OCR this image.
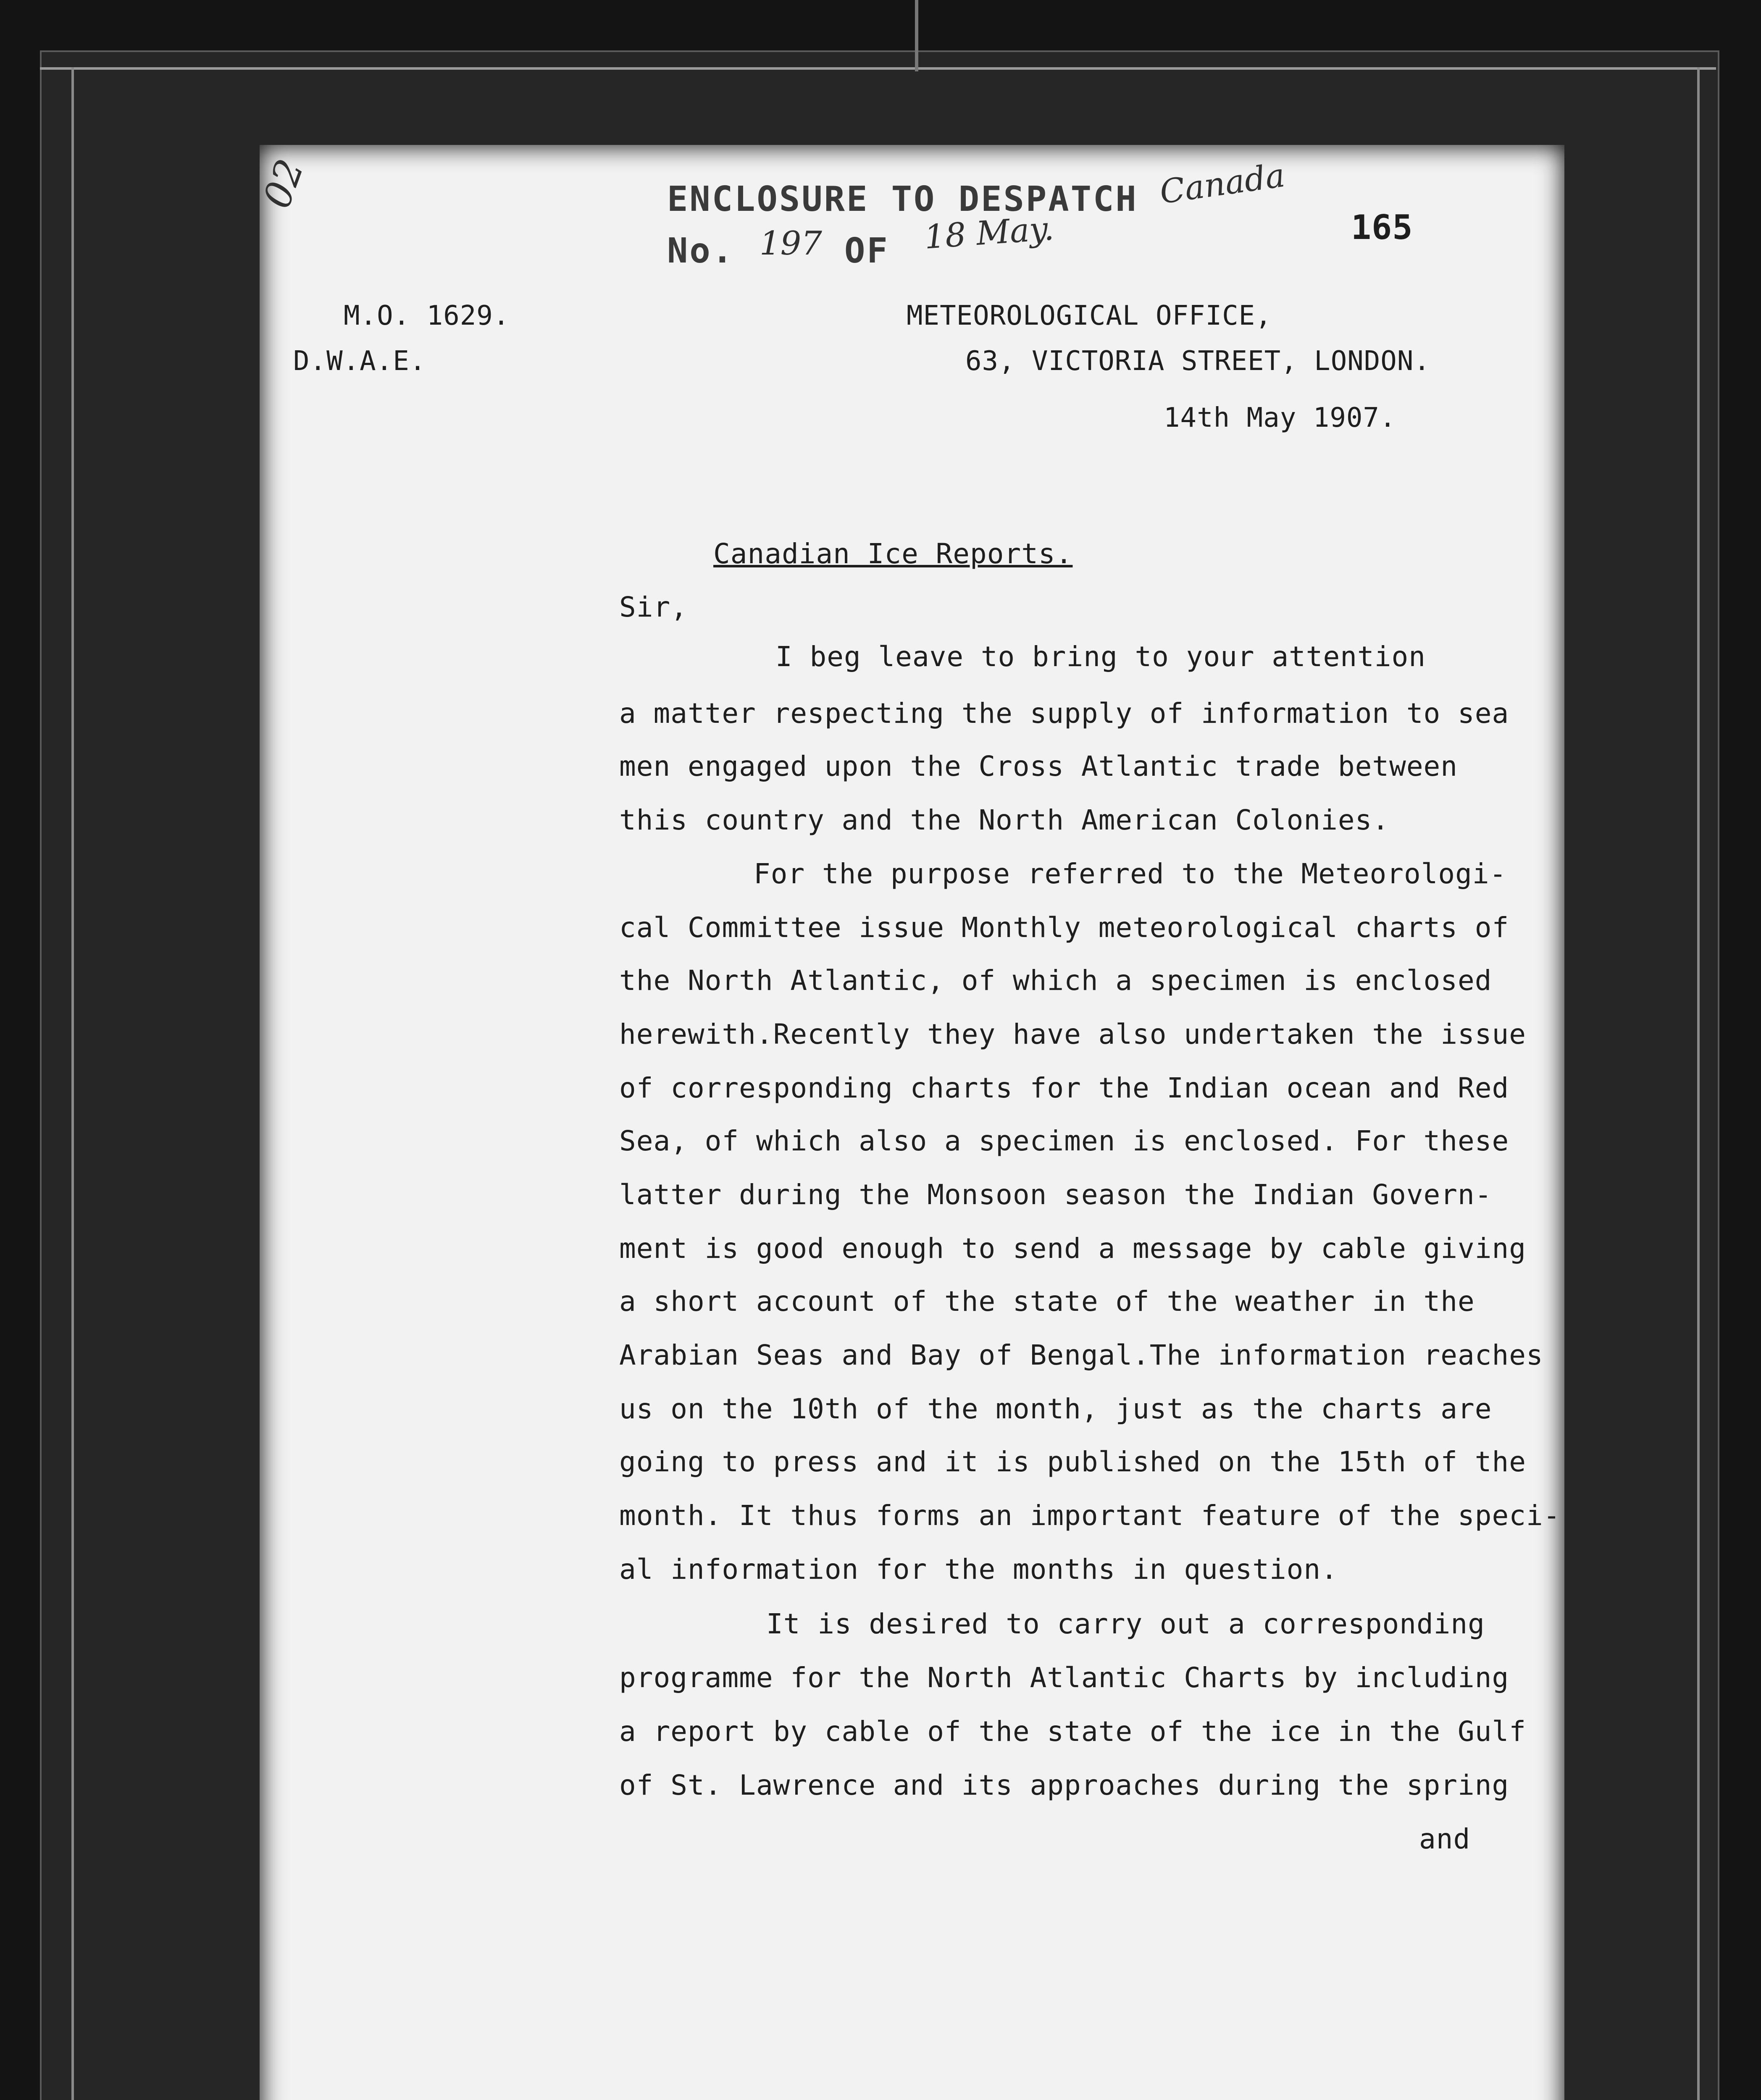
02	ENCLOSURE TO DESPATCH Canada
No. 197 OF 18 May.	165
M.O. 1629.
D.W.A.E.
METEOROLOGICAL OFFICE,
63, VICTORIA STREET, LONDON.
14th May 1907.
Canadian Ice Reports.
Sir,
I beg leave to bring to your attention
a matter respecting the supply of information to sea
men engaged upon the Cross Atlantic trade between
this country and the North American Colonies.
For the purpose referred to the Meteorologi-
cal Committee issue Monthly meteorological charts of
the North Atlantic, of which a specimen is enclosed
herewith.Recently they have also undertaken the issue
of corresponding charts for the Indian ocean and Red
Sea, of which also a specimen is enclosed. For these
latter during the Monsoon season the Indian Govern-
ment is good enough to send a message by cable giving
a short account of the state of the weather in the
Arabian Seas and Bay of Bengal.The information reaches
us on the 10th of the month, just as the charts are
going to press and it is published on the 15th of the
month. It thus forms an important feature of the speci-
al information for the months in question.
It is desired to carry out a corresponding
programme for the North Atlantic Charts by including
a report by cable of the state of the ice in the Gulf
of St. Lawrence and its approaches during the spring
and
